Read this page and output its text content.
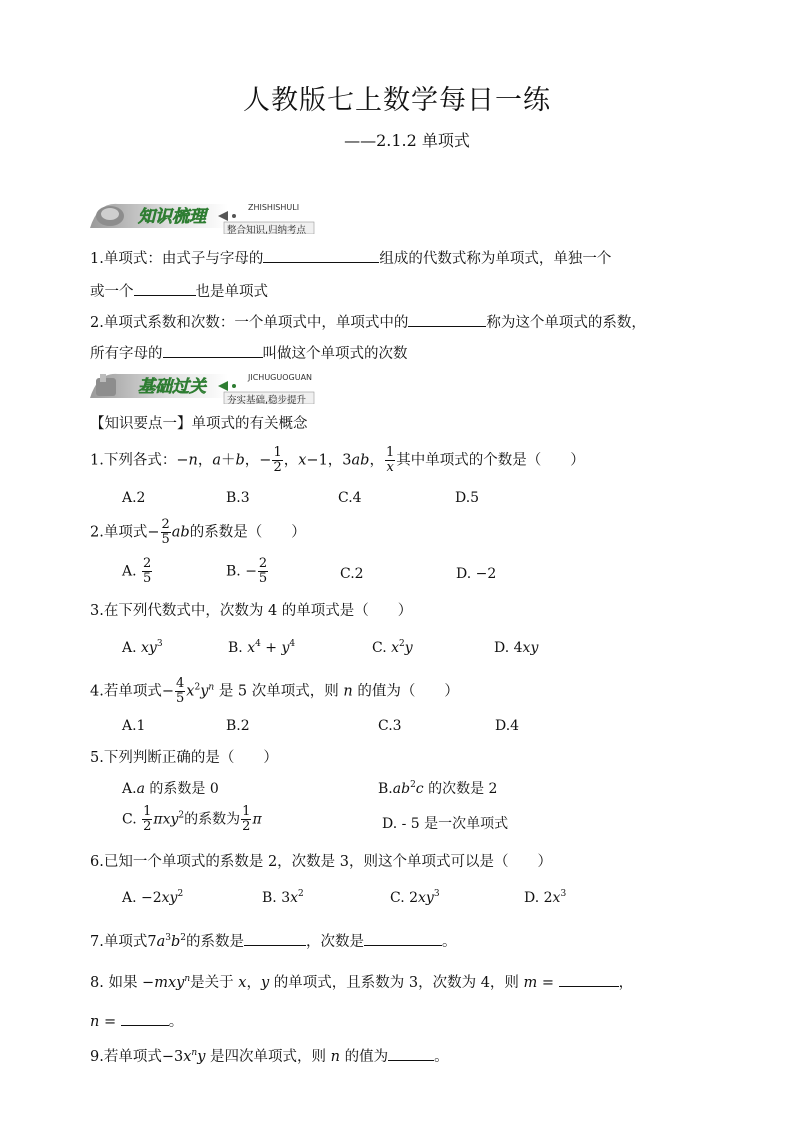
人教版七上数学每日一练
——2.1.2 单项式
知识梳理	ZHISHISHULI
整合知识,归纳考点
1.单项式：由式子与字母的	组成的代数式称为单项式，单独一个
或一个	也是单项式
2.单项式系数和次数：一个单项式中，单项式中的	称为这个单项式的系数，
所有字母的	叫做这个单项式的次数
基础过关	JICHUGUOGUAN
夯实基础,稳步提升
【知识要点一】单项式的有关概念
1.下列各式：−n，a＋b，− $\frac{1}{2}$ ，x−1，3ab， $\frac{1}{x}$ 其中单项式的个数是（　　）
A.2	B.3	C.4	D.5
2.单项式− $\frac{2}{5}$ ab的系数是（　　）
A. $\frac{2}{5}$	B. − $\frac{2}{5}$	C.2	D. −2
3.在下列代数式中，次数为 4 的单项式是（　　）
A. $xy^3$	B. $x^4 + y^4$	C. $x^2y$	D. 4xy
4.若单项式− $\frac{4}{5} x^2y^n$ 是 5 次单项式，则 n 的值为（　　）
A.1	B.2	C.3	D.4
5.下列判断正确的是（　　）
A.a 的系数是 0	$B.ab^2c$ 的次数是 2
C. $\frac{1}{2} \pi xy^2$的系数为 $\frac{1}{2}$ π	D. - 5 是一次单项式
6.已知一个单项式的系数是 2，次数是 3，则这个单项式可以是（　　）
A. $-2xy^2$	B. $3x^2$	C. $2xy^3$	D. $2x^3$
7.单项式$7a^3b^2$的系数是	，次数是	。
8. 如果 −mxy$^n$是关于 x，y 的单项式，且系数为 3，次数为 4，则 m =	，
n =	。
9.若单项式$-3x^ny$ 是四次单项式，则 n 的值为	。
